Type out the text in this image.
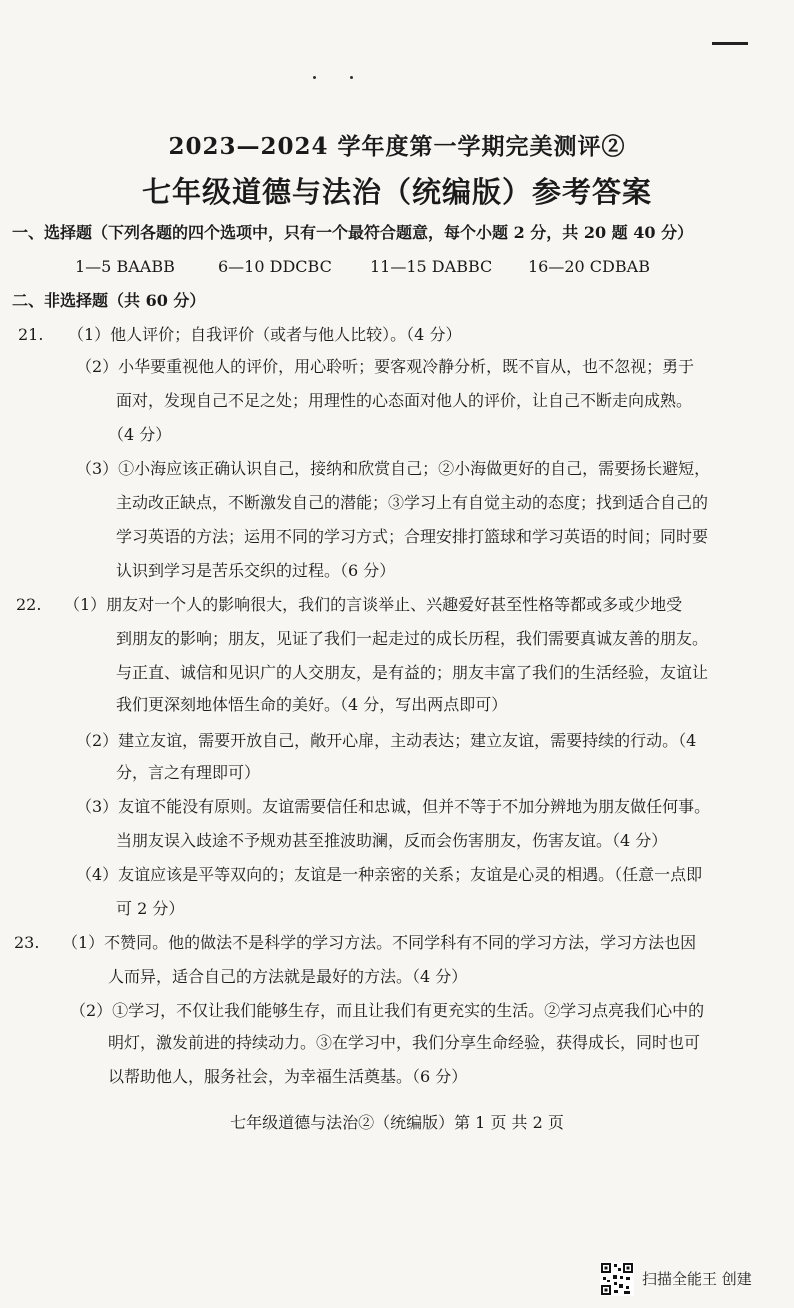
2023—2024 学年度第一学期完美测评②
七年级道德与法治（统编版）参考答案
一、选择题（下列各题的四个选项中，只有一个最符合题意，每个小题 2 分，共 20 题 40 分）
1—5 BAABB	6—10 DDCBC 11—15 DABBC 16—20 CDBAB
二、非选择题（共 60 分）
21. （1）他人评价；自我评价（或者与他人比较）。（4 分）
（2）小华要重视他人的评价，用心聆听；要客观冷静分析，既不盲从，也不忽视；勇于
面对，发现自己不足之处；用理性的心态面对他人的评价，让自己不断走向成熟。
（4 分）
（3）①小海应该正确认识自己，接纳和欣赏自己；②小海做更好的自己，需要扬长避短，
主动改正缺点，不断激发自己的潜能；③学习上有自觉主动的态度；找到适合自己的
学习英语的方法；运用不同的学习方式；合理安排打篮球和学习英语的时间；同时要
认识到学习是苦乐交织的过程。（6 分）
22. （1）朋友对一个人的影响很大，我们的言谈举止、兴趣爱好甚至性格等都或多或少地受
到朋友的影响；朋友，见证了我们一起走过的成长历程，我们需要真诚友善的朋友。
与正直、诚信和见识广的人交朋友，是有益的；朋友丰富了我们的生活经验，友谊让
我们更深刻地体悟生命的美好。（4 分，写出两点即可）
（2）建立友谊，需要开放自己，敞开心扉，主动表达；建立友谊，需要持续的行动。（4
分，言之有理即可）
（3）友谊不能没有原则。友谊需要信任和忠诚，但并不等于不加分辨地为朋友做任何事。
当朋友误入歧途不予规劝甚至推波助澜，反而会伤害朋友，伤害友谊。（4 分）
（4）友谊应该是平等双向的；友谊是一种亲密的关系；友谊是心灵的相遇。（任意一点即
可 2 分）
23. （1）不赞同。他的做法不是科学的学习方法。不同学科有不同的学习方法，学习方法也因
人而异，适合自己的方法就是最好的方法。（4 分）
（2）①学习，不仅让我们能够生存，而且让我们有更充实的生活。②学习点亮我们心中的
明灯，激发前进的持续动力。③在学习中，我们分享生命经验，获得成长，同时也可
以帮助他人，服务社会，为幸福生活奠基。（6 分）
七年级道德与法治②（统编版）第 1 页 共 2 页
扫描全能王 创建
